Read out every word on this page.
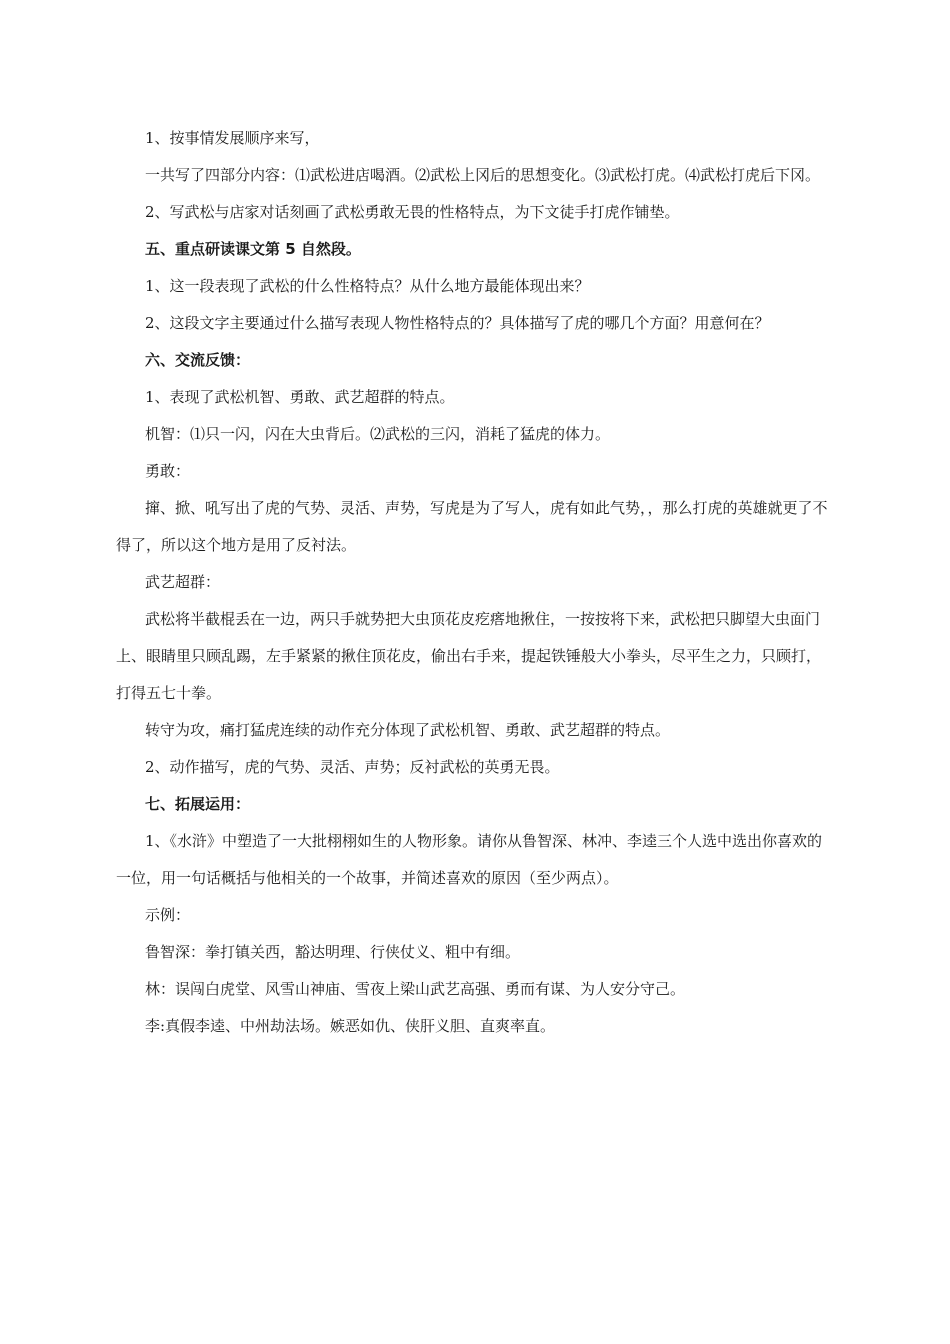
1、按事情发展顺序来写，

一共写了四部分内容：⑴武松进店喝酒。⑵武松上冈后的思想变化。⑶武松打虎。⑷武松打虎后下冈。

2、写武松与店家对话刻画了武松勇敢无畏的性格特点，为下文徒手打虎作铺垫。

五、重点研读课文第 5 自然段。

1、这一段表现了武松的什么性格特点？从什么地方最能体现出来？

2、这段文字主要通过什么描写表现人物性格特点的？具体描写了虎的哪几个方面？用意何在？

六、交流反馈：

1、表现了武松机智、勇敢、武艺超群的特点。

机智：⑴只一闪，闪在大虫背后。⑵武松的三闪，消耗了猛虎的体力。

勇敢：

撺、掀、吼写出了虎的气势、灵活、声势，写虎是为了写人，虎有如此气势，，那么打虎的英雄就更了不得了，所以这个地方是用了反衬法。

武艺超群：

武松将半截棍丢在一边，两只手就势把大虫顶花皮疙瘩地揪住，一按按将下来，武松把只脚望大虫面门上、眼睛里只顾乱踢，左手紧紧的揪住顶花皮，偷出右手来，提起铁锤般大小拳头，尽平生之力，只顾打，打得五七十拳。

转守为攻，痛打猛虎连续的动作充分体现了武松机智、勇敢、武艺超群的特点。

2、动作描写，虎的气势、灵活、声势；反衬武松的英勇无畏。

七、拓展运用：

1、《水浒》中塑造了一大批栩栩如生的人物形象。请你从鲁智深、林冲、李逵三个人选中选出你喜欢的一位，用一句话概括与他相关的一个故事，并简述喜欢的原因（至少两点）。

示例：

鲁智深：拳打镇关西，豁达明理、行侠仗义、粗中有细。

林：误闯白虎堂、风雪山神庙、雪夜上梁山武艺高强、勇而有谋、为人安分守己。

李:真假李逵、中州劫法场。嫉恶如仇、侠肝义胆、直爽率直。
